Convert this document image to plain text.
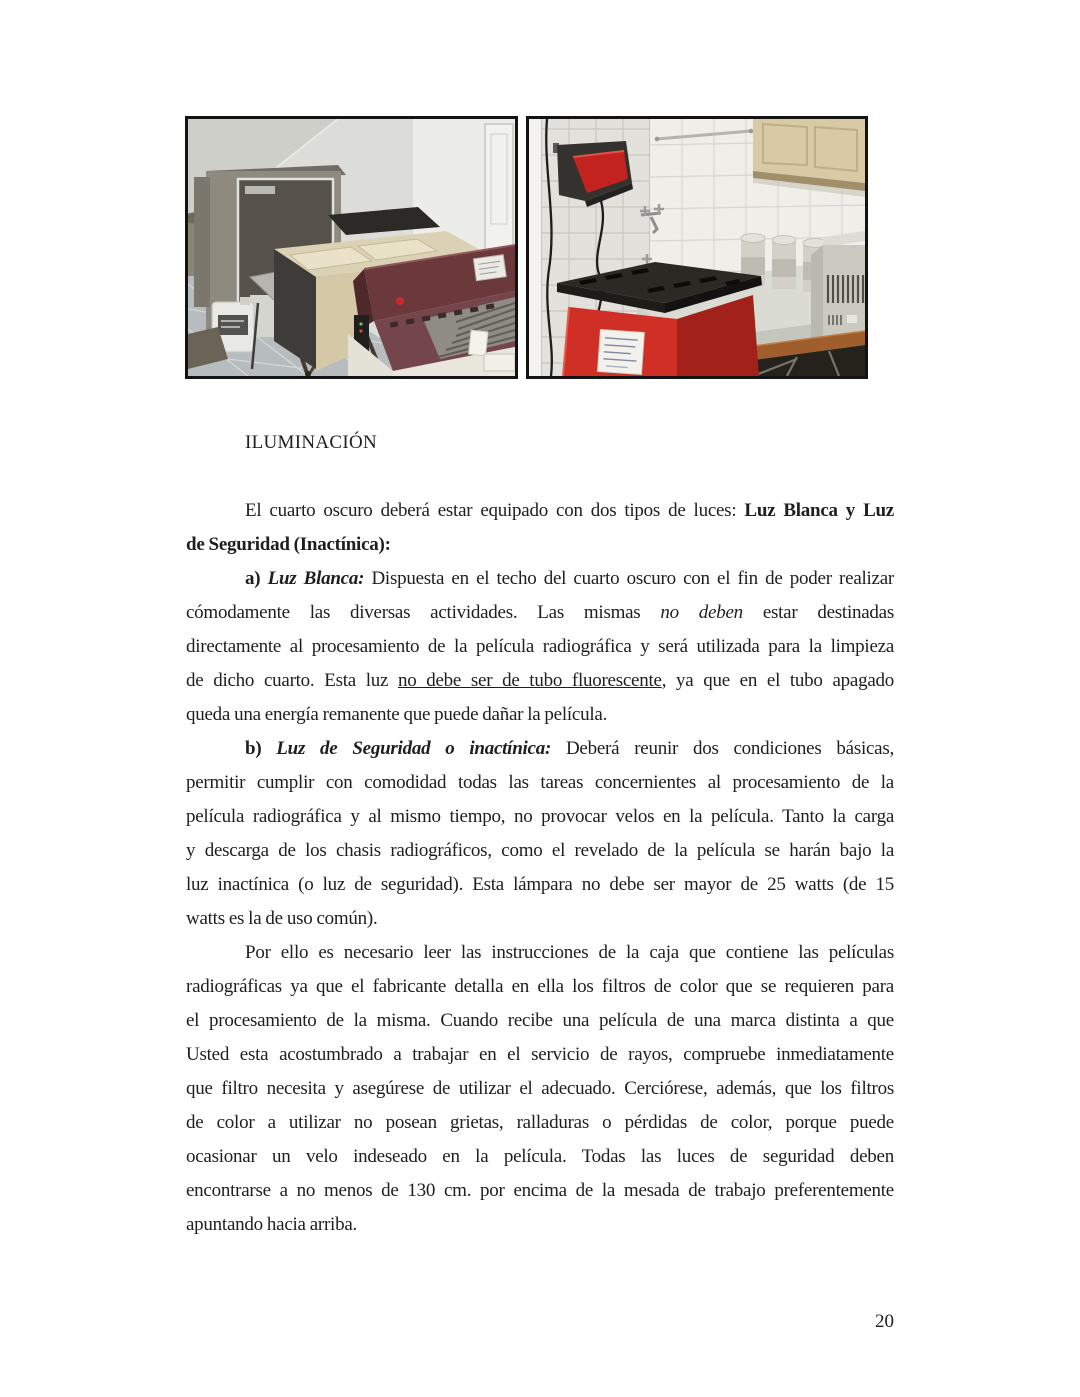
ILUMINACIÓN

El cuarto oscuro deberá estar equipado con dos tipos de luces: Luz Blanca y Luz
de Seguridad (Inactínica):

a) Luz Blanca: Dispuesta en el techo del cuarto oscuro con el fin de poder realizar
cómodamente las diversas actividades. Las mismas no deben estar destinadas
directamente al procesamiento de la película radiográfica y será utilizada para la limpieza
de dicho cuarto. Esta luz no debe ser de tubo fluorescente, ya que en el tubo apagado
queda una energía remanente que puede dañar la película.

b) Luz de Seguridad o inactínica: Deberá reunir dos condiciones básicas,
permitir cumplir con comodidad todas las tareas concernientes al procesamiento de la
película radiográfica y al mismo tiempo, no provocar velos en la película. Tanto la carga
y descarga de los chasis radiográficos, como el revelado de la película se harán bajo la
luz inactínica (o luz de seguridad). Esta lámpara no debe ser mayor de 25 watts (de 15
watts es la de uso común).

Por ello es necesario leer las instrucciones de la caja que contiene las películas
radiográficas ya que el fabricante detalla en ella los filtros de color que se requieren para
el procesamiento de la misma. Cuando recibe una película de una marca distinta a que
Usted esta acostumbrado a trabajar en el servicio de rayos, compruebe inmediatamente
que filtro necesita y asegúrese de utilizar el adecuado. Cerciórese, además, que los filtros
de color a utilizar no posean grietas, ralladuras o pérdidas de color, porque puede
ocasionar un velo indeseado en la película. Todas las luces de seguridad deben
encontrarse a no menos de 130 cm. por encima de la mesada de trabajo preferentemente
apuntando hacia arriba.

20
